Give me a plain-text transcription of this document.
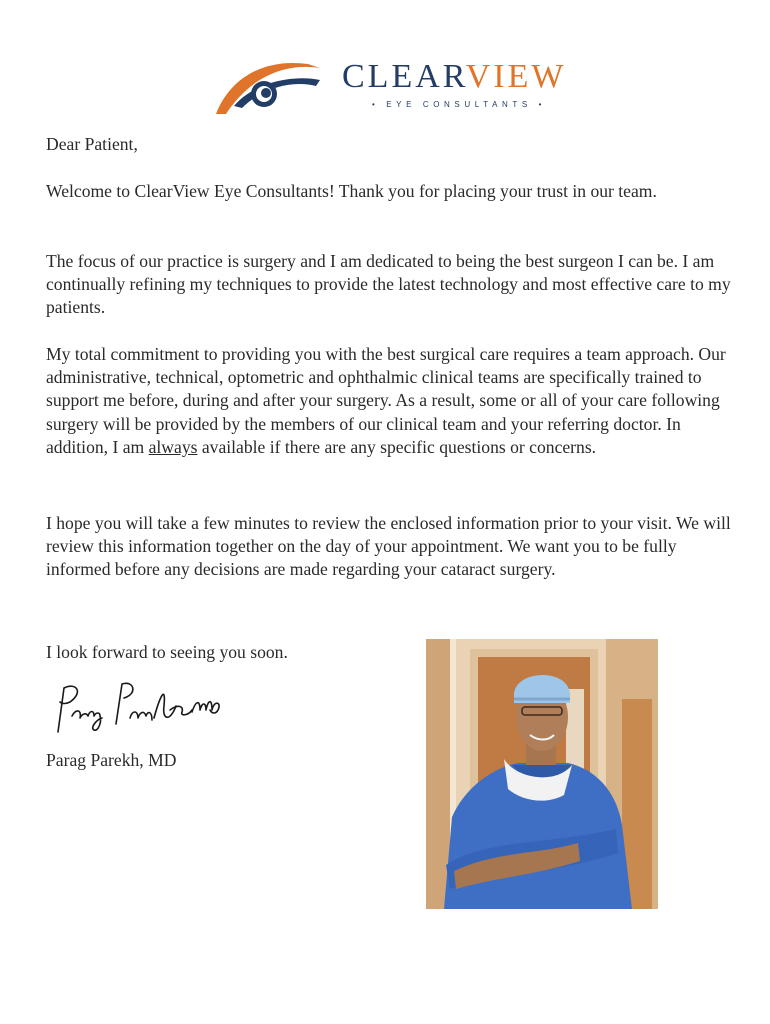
CLEARVIEW
• EYE CONSULTANTS •

Dear Patient,

Welcome to ClearView Eye Consultants! Thank you for placing your trust in our team.

The focus of our practice is surgery and I am dedicated to being the best surgeon I can be. I am continually refining my techniques to provide the latest technology and most effective care to my patients.

My total commitment to providing you with the best surgical care requires a team approach. Our administrative, technical, optometric and ophthalmic clinical teams are specifically trained to support me before, during and after your surgery. As a result, some or all of your care following surgery will be provided by the members of our clinical team and your referring doctor. In addition, I am always available if there are any specific questions or concerns.

I hope you will take a few minutes to review the enclosed information prior to your visit. We will review this information together on the day of your appointment. We want you to be fully informed before any decisions are made regarding your cataract surgery.

I look forward to seeing you soon.

Parag Parekh, MD
